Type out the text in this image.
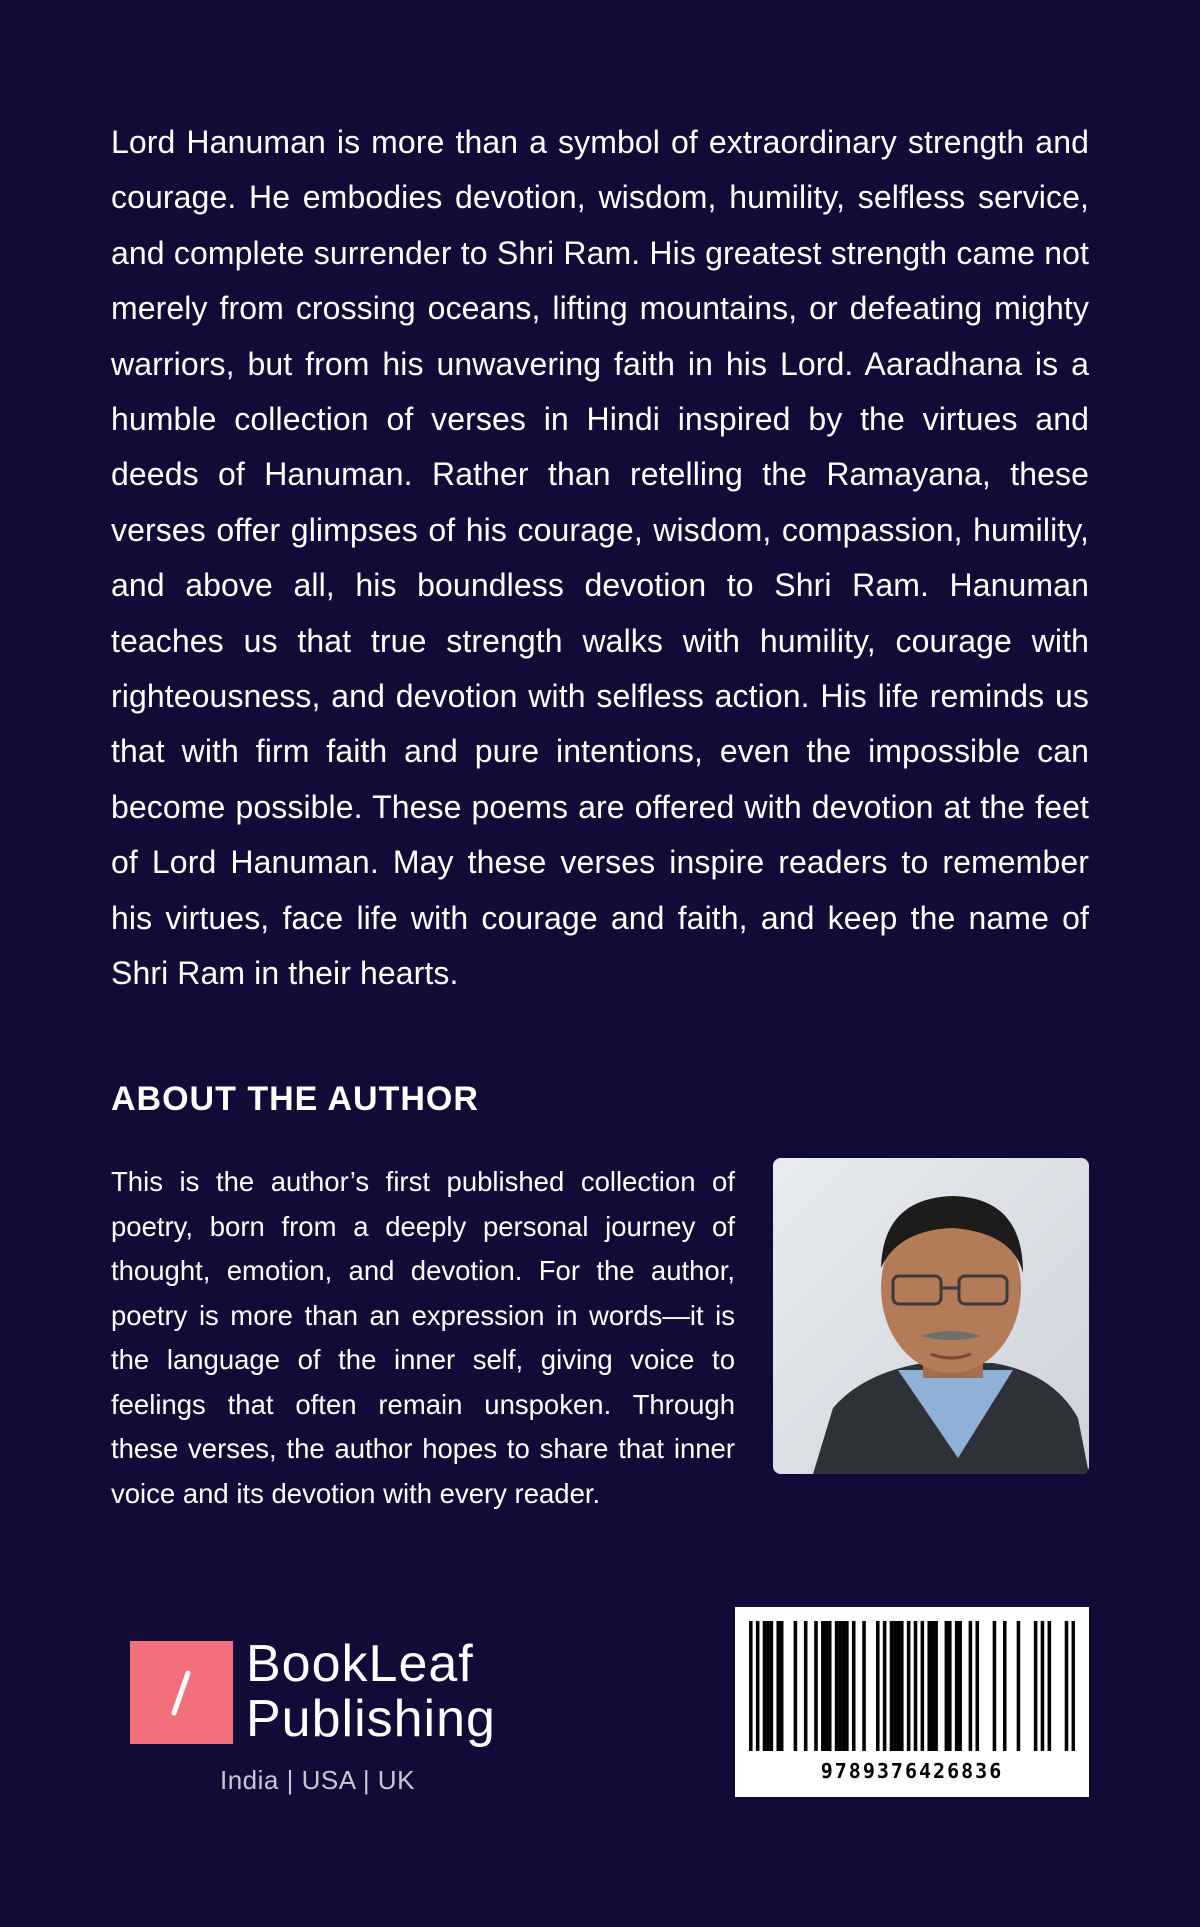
Lord Hanuman is more than a symbol of extraordinary strength and courage. He embodies devotion, wisdom, humility, selfless service, and complete surrender to Shri Ram. His greatest strength came not merely from crossing oceans, lifting mountains, or defeating mighty warriors, but from his unwavering faith in his Lord. Aaradhana is a humble collection of verses in Hindi inspired by the virtues and deeds of Hanuman. Rather than retelling the Ramayana, these verses offer glimpses of his courage, wisdom, compassion, humility, and above all, his boundless devotion to Shri Ram. Hanuman teaches us that true strength walks with humility, courage with righteousness, and devotion with selfless action. His life reminds us that with firm faith and pure intentions, even the impossible can become possible. These poems are offered with devotion at the feet of Lord Hanuman. May these verses inspire readers to remember his virtues, face life with courage and faith, and keep the name of Shri Ram in their hearts.

ABOUT THE AUTHOR

This is the author’s first published collection of poetry, born from a deeply personal journey of thought, emotion, and devotion. For the author, poetry is more than an expression in words—it is the language of the inner self, giving voice to feelings that often remain unspoken. Through these verses, the author hopes to share that inner voice and its devotion with every reader.

BookLeaf
Publishing

India | USA | UK	9789376426836
